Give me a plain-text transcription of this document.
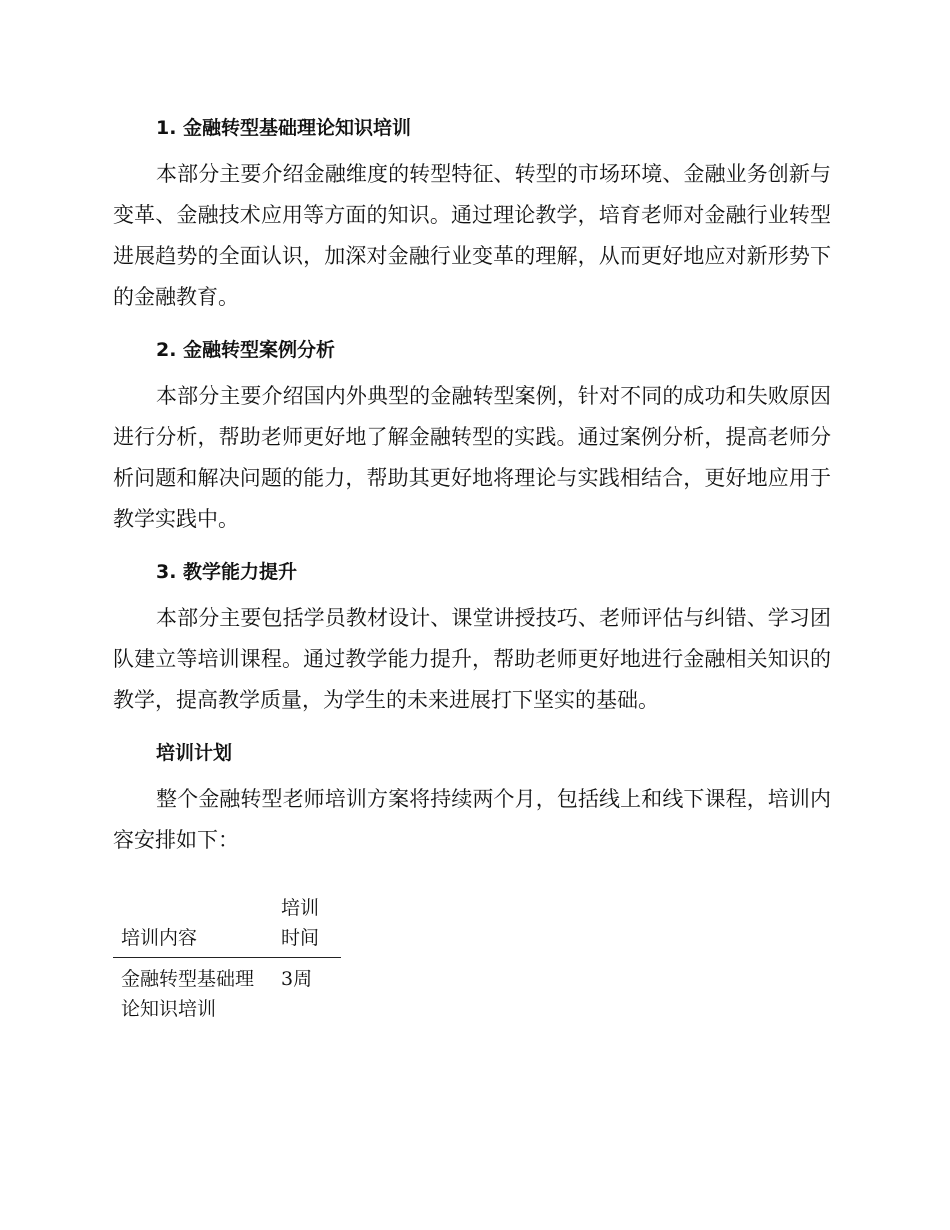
1. 金融转型基础理论知识培训

本部分主要介绍金融维度的转型特征、转型的市场环境、金融业务创新与变革、金融技术应用等方面的知识。通过理论教学，培育老师对金融行业转型进展趋势的全面认识，加深对金融行业变革的理解，从而更好地应对新形势下的金融教育。

2. 金融转型案例分析

本部分主要介绍国内外典型的金融转型案例，针对不同的成功和失败原因进行分析，帮助老师更好地了解金融转型的实践。通过案例分析，提高老师分析问题和解决问题的能力，帮助其更好地将理论与实践相结合，更好地应用于教学实践中。

3. 教学能力提升

本部分主要包括学员教材设计、课堂讲授技巧、老师评估与纠错、学习团队建立等培训课程。通过教学能力提升，帮助老师更好地进行金融相关知识的教学，提高教学质量，为学生的未来进展打下坚实的基础。

培训计划

整个金融转型老师培训方案将持续两个月，包括线上和线下课程，培训内容安排如下：

培训内容	培训时间
金融转型基础理论知识培训	3周
